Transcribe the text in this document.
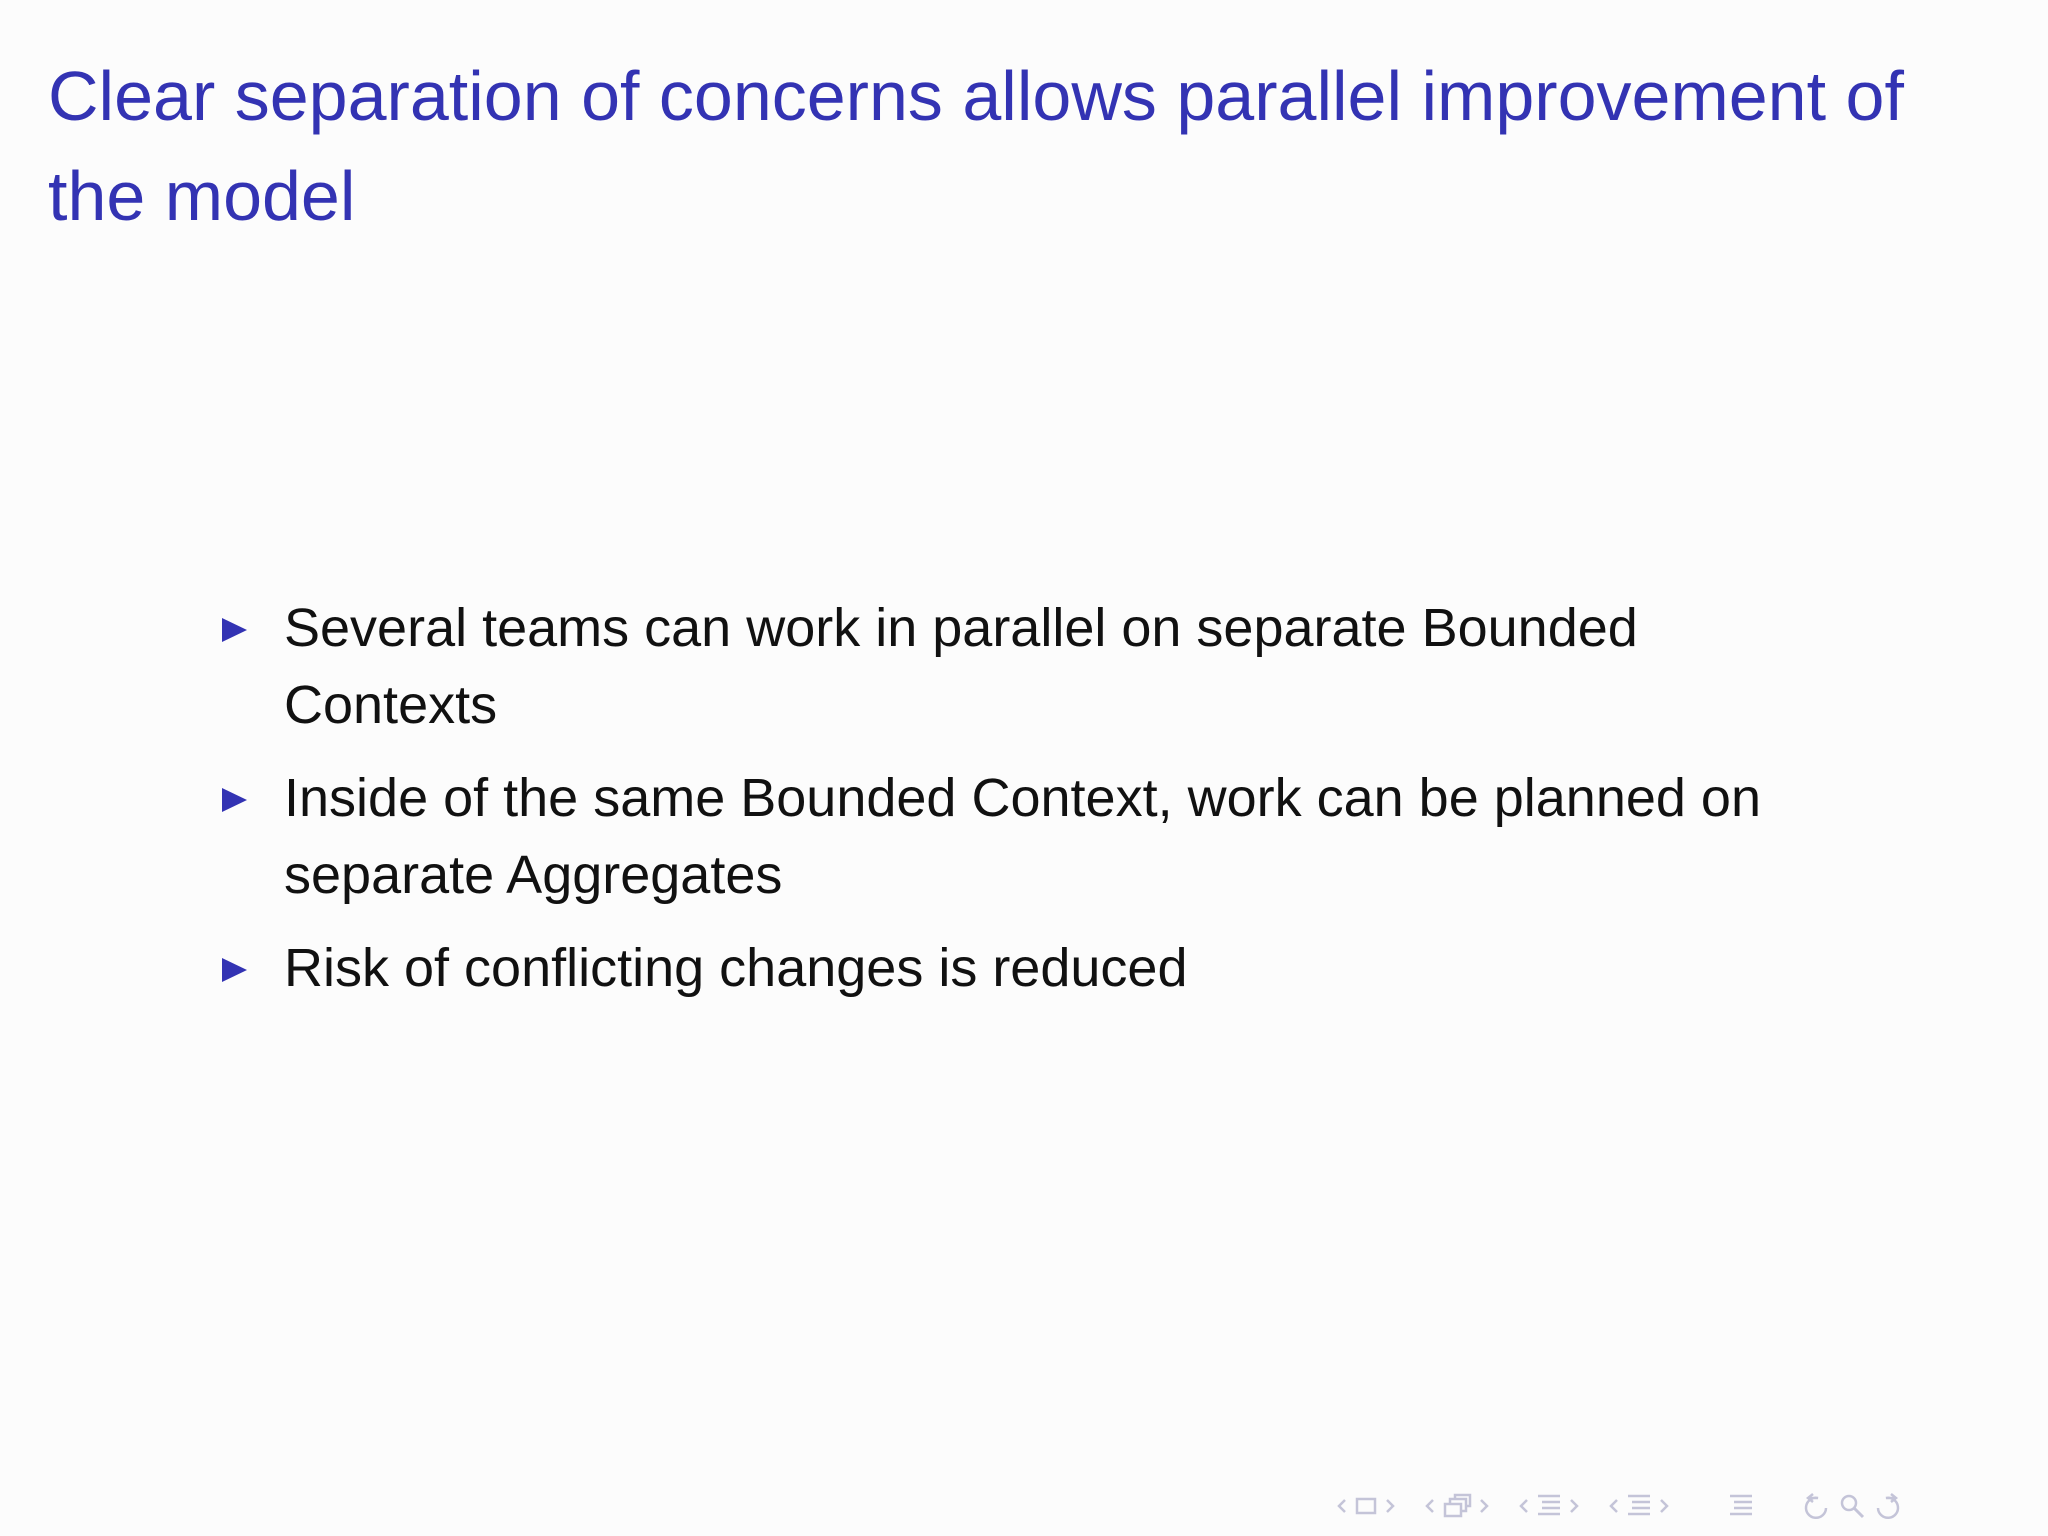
Clear separation of concerns allows parallel improvement of the model
Several teams can work in parallel on separate Bounded Contexts
Inside of the same Bounded Context, work can be planned on separate Aggregates
Risk of conflicting changes is reduced
